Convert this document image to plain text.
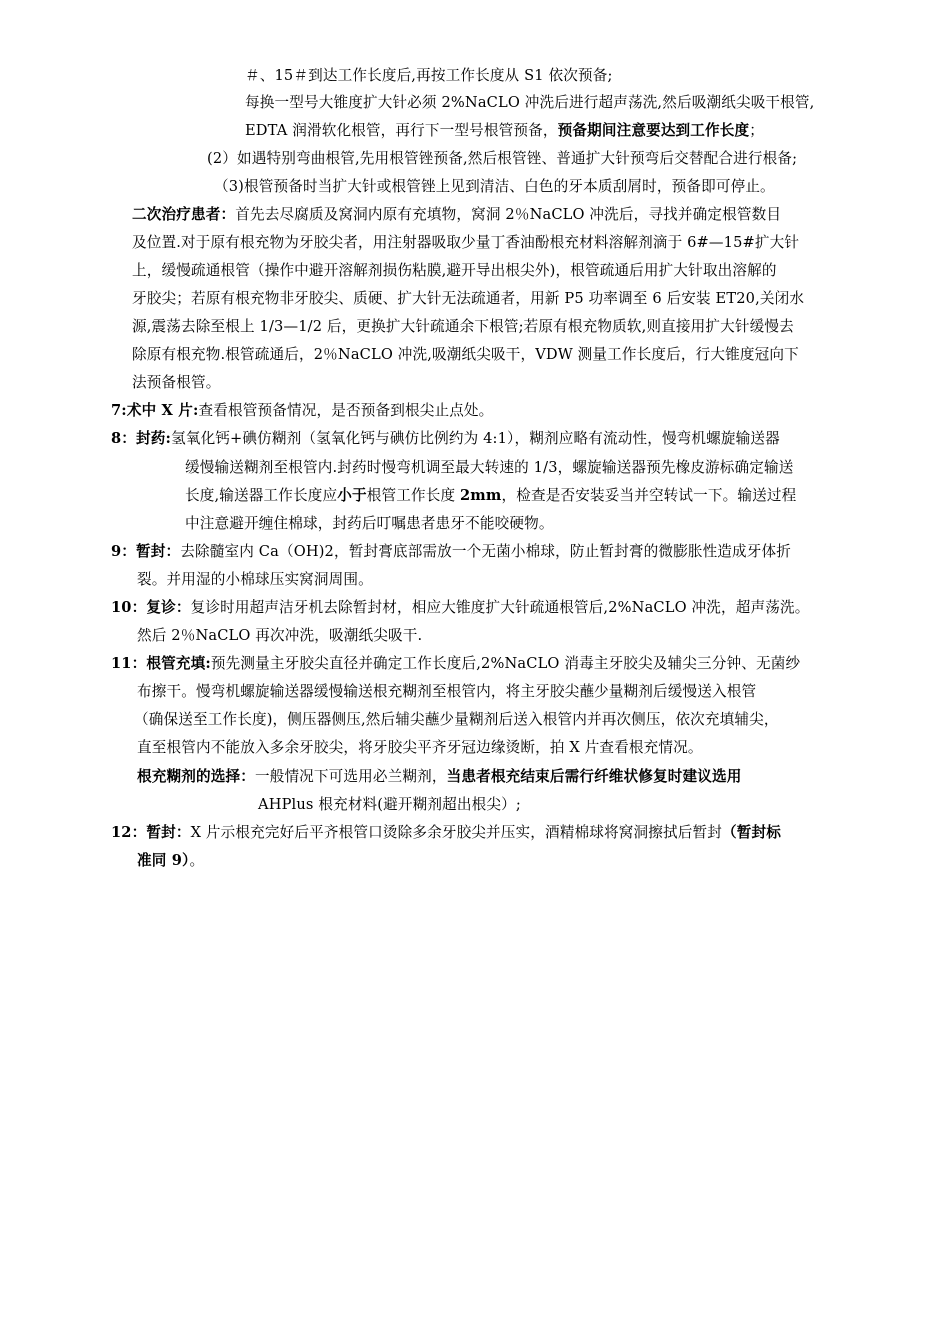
＃、15＃到达工作长度后,再按工作长度从 S1 依次预备;
每换一型号大锥度扩大针必须 2%NaCLO 冲洗后进行超声荡洗,然后吸潮纸尖吸干根管,
EDTA 润滑软化根管，再行下一型号根管预备，预备期间注意要达到工作长度；
(2）如遇特别弯曲根管,先用根管锉预备,然后根管锉、普通扩大针预弯后交替配合进行根备;
（3)根管预备时当扩大针或根管锉上见到清洁、白色的牙本质刮屑时，预备即可停止。
二次治疗患者：首先去尽腐质及窝洞内原有充填物，窝洞 2％NaCLO 冲洗后，寻找并确定根管数目
及位置.对于原有根充物为牙胶尖者，用注射器吸取少量丁香油酚根充材料溶解剂滴于 6#—15#扩大针
上，缓慢疏通根管（操作中避开溶解剂损伤粘膜,避开导出根尖外)，根管疏通后用扩大针取出溶解的
牙胶尖；若原有根充物非牙胶尖、质硬、扩大针无法疏通者，用新 P5 功率调至 6 后安装 ET20,关闭水
源,震荡去除至根上 1/3—1/2 后，更换扩大针疏通余下根管;若原有根充物质软,则直接用扩大针缓慢去
除原有根充物.根管疏通后，2％NaCLO 冲洗,吸潮纸尖吸干，VDW 测量工作长度后，行大锥度冠向下
法预备根管。
7:术中 X 片:查看根管预备情况，是否预备到根尖止点处。
8：封药:氢氧化钙+碘仿糊剂（氢氧化钙与碘仿比例约为 4:1），糊剂应略有流动性，慢弯机螺旋输送器
缓慢输送糊剂至根管内.封药时慢弯机调至最大转速的 1/3，螺旋输送器预先橡皮游标确定输送
长度,输送器工作长度应小于根管工作长度 2mm，检查是否安装妥当并空转试一下。输送过程
中注意避开缠住棉球，封药后叮嘱患者患牙不能咬硬物。
9：暂封：去除髓室内 Ca（OH)2，暂封膏底部需放一个无菌小棉球，防止暂封膏的微膨胀性造成牙体折
裂。并用湿的小棉球压实窝洞周围。
10：复诊：复诊时用超声洁牙机去除暂封材，相应大锥度扩大针疏通根管后,2%NaCLO 冲洗，超声荡洗。
然后 2％NaCLO 再次冲洗，吸潮纸尖吸干.
11：根管充填:预先测量主牙胶尖直径并确定工作长度后,2%NaCLO 消毒主牙胶尖及辅尖三分钟、无菌纱
布擦干。慢弯机螺旋输送器缓慢输送根充糊剂至根管内，将主牙胶尖蘸少量糊剂后缓慢送入根管
（确保送至工作长度)，侧压器侧压,然后辅尖蘸少量糊剂后送入根管内并再次侧压，依次充填辅尖，
直至根管内不能放入多余牙胶尖，将牙胶尖平齐牙冠边缘烫断，拍 X 片查看根充情况。
根充糊剂的选择：一般情况下可选用必兰糊剂，当患者根充结束后需行纤维状修复时建议选用
AHPlus 根充材料(避开糊剂超出根尖）;
12：暂封：X 片示根充完好后平齐根管口烫除多余牙胶尖并压实，酒精棉球将窝洞擦拭后暂封（暂封标
准同 9）。
